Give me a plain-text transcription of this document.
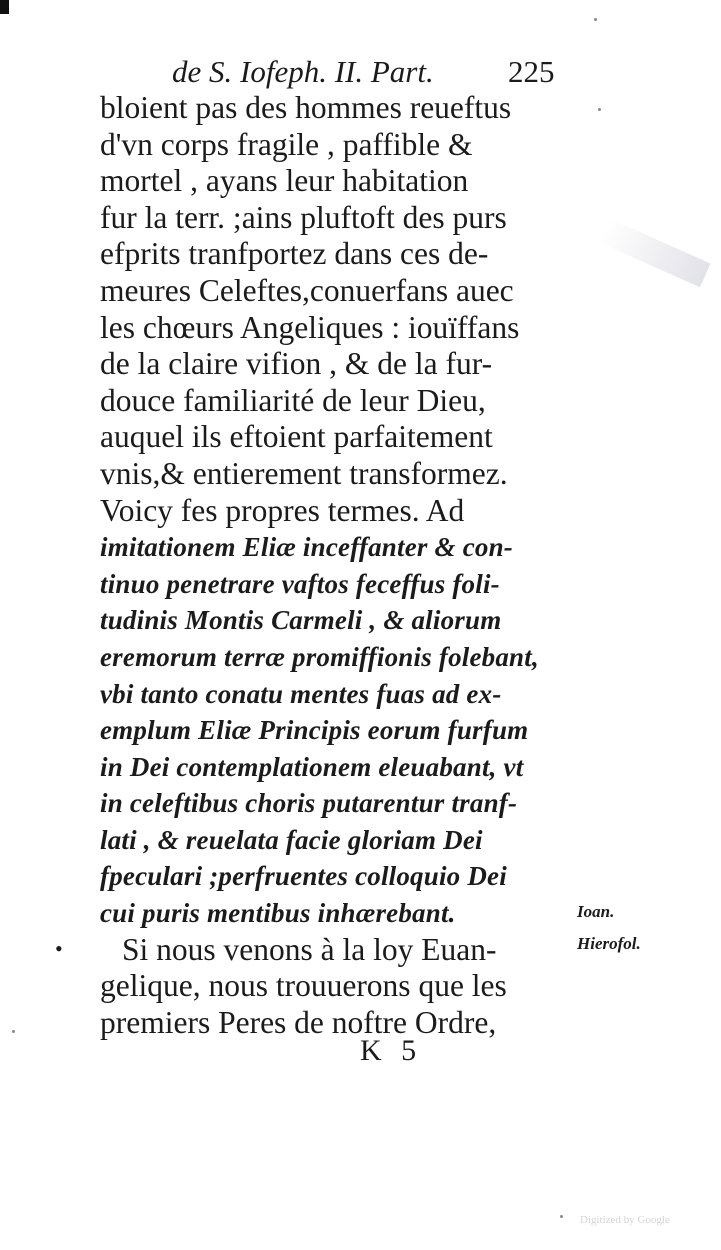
de S. Iofeph. II. Part. 225
bloient pas des hommes reueftus
d'vn corps fragile , paffible &
mortel , ayans leur habitation
fur la terr. ;ains pluftoft des purs
efprits tranfportez dans ces de-
meures Celeftes,conuerfans auec
les chœurs Angeliques : iouïffans
de la claire vifion , & de la fur-
douce familiarité de leur Dieu,
auquel ils eftoient parfaitement
vnis,& entierement transformez.
Voicy fes propres termes. Ad
imitationem Eliæ inceffanter & con-
tinuo penetrare vaftos feceffus foli-
tudinis Montis Carmeli , & aliorum
eremorum terræ promiffionis folebant,
vbi tanto conatu mentes fuas ad ex-
emplum Eliæ Principis eorum furfum
in Dei contemplationem eleuabant, vt
in celeftibus choris putarentur tranf-
lati , & reuelata facie gloriam Dei
fpeculari ;perfruentes colloquio Dei
cui puris mentibus inhærebant.
Si nous venons à la loy Euan-
gelique, nous trouuerons que les
premiers Peres de noftre Ordre,
Ioan.
Hierofol.
•
K 5
Digitized by Google
